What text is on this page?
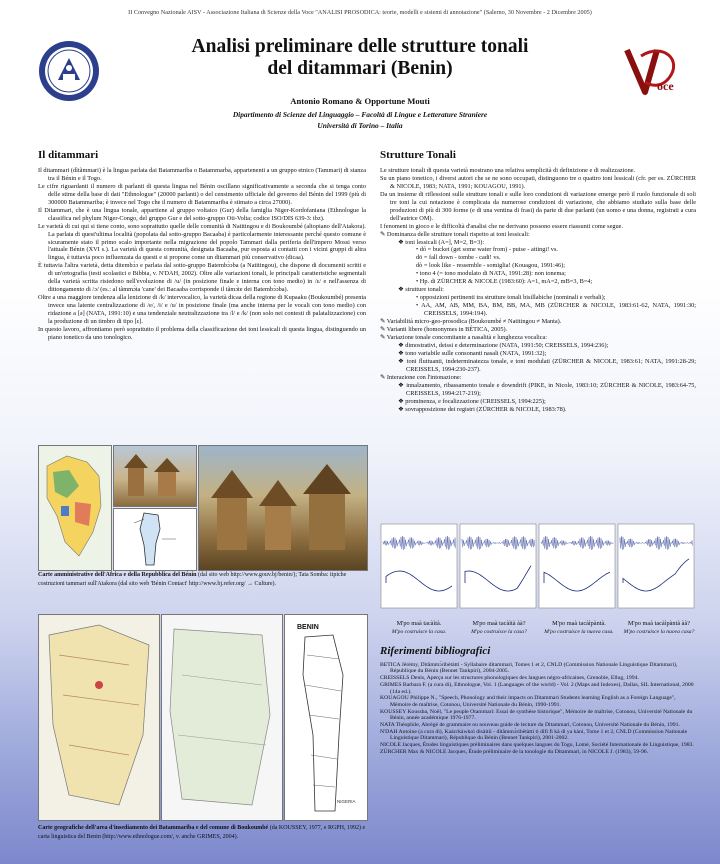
II Convegno Nazionale AISV - Associazione Italiana di Scienze della Voce "ANALISI PROSODICA: teorie, modelli e sistemi di annotazione" (Salerno, 30 Novembre - 2 Dicembre 2005)
oce
Analisi preliminare delle strutture tonali
del ditammari (Benin)
Antonio Romano & Opportune Mouti
Dipartimento di Scienze del Linguaggio – Facoltà di Lingue e Letterature Straniere
Università di Torino – Italia
Il ditammari

Il ditammari (dìtãmmari) è la lingua parlata dai Batammariba o Batammarba, appartenenti a un gruppo etnico (Tammari) di stanza tra il Bénin e il Togo.

Le cifre riguardanti il numero di parlanti di questa lingua nel Bénin oscillano significativamente a seconda che si tenga conto delle stime della base di dati "Ethnologue" (20000 parlanti) o del censimento ufficiale del governo del Bénin del 1999 (più di 300000 Batammariba; è invece nel Togo che il numero di Batammariba è stimato a circa 27000).

Il Ditammari, che è una lingua tonale, appartiene al gruppo voltaico (Gur) della famiglia Niger-Kordofaniana (Ethnologue la classifica nel phylum Niger-Congo, del gruppo Gur e del sotto-gruppo Oti-Volta; codice ISO/DIS 639-3: tbz).

Le varietà di cui qui si tiene conto, sono soprattutto quelle delle comunità di Natitingou e di Boukoumbé (altopiano dell'Atakora). La parlata di quest'ultima località (popolata dal sotto-gruppo Bacaaba) è particolarmente interessante perché questo comune è sicuramente stato il primo scalo importante nella migrazione del popolo Tammari dalla periferia dell'impero Mossi verso l'attuale Bénin (XVI s.). La varietà di questa comunità, designata Bacaaba, pur esposta ai contatti con i vicini gruppi di altra lingua, è tuttavia poco influenzata da questi e si propone come un ditammari più conservativo (dicaa).

È tuttavia l'altra varietà, detta ditembɔ̀ɔ e parlata dal sotto-gruppo Batembɔ̀ɔba (a Natitingou), che dispone di documenti scritti e di un'ortografia (testi scolastici e Bibbia, v. N'DAH, 2002). Oltre alle variazioni tonali, le principali caratteristiche segmentali della varietà scritta risiedono nell'evoluzione di /u/ (in posizione finale e interna con tono medio) in /ɛ/ e nell'assenza di dittongamento di /ɔ/ (es.: al tãmmɔ̀ta 'cane' dei Bacaaba corrisponde il tãmɔ̀te dei Batembɔ̀ɔba).

Oltre a una maggiore tendenza alla lenizione di /k/ intervocalico, la varietà dicaa della regione di Kupaaku (Boukoumbé) presenta invece una latente centralizzazione di /e/, /i/ e /u/ in posizione finale (ma anche interna per le vocali con tono medio) con ridazione a [ə] (NATA, 1991:10) e una tendenziale neutralizzazione tra /l/ e /k/ (non solo nei contesti di palatalizzazione) con la produzione di un timbro di tipo [ɛ].

In questo lavoro, affrontiamo però soprattutto il problema della classificazione dei toni lessicali di questa lingua, distinguendo un piano tonetico da uno tonologico.

Carte amministrative dell'Africa e della Repubblica del Bénin (dal sito web http://www.gouv.bj/benin/); Tata Somba: tipiche costruzioni tammari sull'Atakora (dal sito web 'Bénin Contact' http://www.bj.refer.org/ → Culture).
BENIN
NIGERIA
Carte geografiche dell'area d'insediamento dei Batammariba e del comune di Boukoumbé (da KOUSSEY, 1977, e RGPH, 1992) e carta linguistica del Benin (http://www.ethnologue.com/, v. anche GRIMES, 2004).
Strutture Tonali

Le strutture tonali di questa varietà mostrano una relativa semplicità di definizione e di realizzazione.

Su un piano tonetico, i diversi autori che se ne sono occupati, distinguono tre o quattro toni lessicali (cfr. per es. ZÜRCHER & NICOLE, 1983; NATA, 1991; KOUAGOU, 1991).

Da un insieme di riflessioni sulle strutture tonali e sulle loro condizioni di variazione emerge però il ruolo funzionale di soli tre toni la cui notazione è complicata da numerose condizioni di variazione, che abbiamo studiato sulla base delle produzioni di più di 300 forme (e di una ventina di frasi) da parte di due parlanti (un uomo e una donna, registrati a cura dell'autrice OM).

I fenomeni in gioco e le difficoltà d'analisi che ne derivano possono essere riassunti come segue.

✎ Dominanza delle strutture tonali rispetto ai toni lessicali:

❖ toni lessicali (A=], M=2, B=3):

• dó = bucket (get some water from) - puise - attingi! vs.

dō = fall down - tombe - cadi! vs.

dò = look like - ressemble - somiglia! (Kouagou, 1991:46);

• tono 4 (= tono modulato di NATA, 1991:28): non tonema;

• Hp. di ZÜRCHER & NICOLE (1983:60): A=1, mA=2, mB=3, B=4;

❖ strutture tonali:

• opposizioni pertinenti tra strutture tonali bisillabiche (nominali e verbali);

• AA, AM, AB, MM, BA, BM, BB, MA, MB (ZÜRCHER & NICOLE, 1983:61-62, NATA, 1991:30; CREISSELS, 1994:194).

✎ Variabilità micro-geo-prosodica (Boukoumbé ≠ Natitingou ≠ Manta).

✎ Varianti libere (homonymes in BÉTICA, 2005).

✎ Variazione tonale concomitante a nasalità e lunghezza vocalica:

❖ dimostrativi, deissi e determinazione (NATA, 1991:50; CREISSELS, 1994:236);

❖ tono variabile sulle consonanti nasali (NATA, 1991:32);

❖ toni fluttuanti, indeterminatezza tonale, e toni modulati (ZÜRCHER & NICOLE, 1983:61; NATA, 1991:28-29; CREISSELS, 1994:230-237).

✎ Interazione con l'intonazione:

❖ innalzamento, ribassamento tonale e downdrift (PIKE, in Nicole, 1983:10; ZÜRCHER & NICOLE, 1983:64-75, CREISSELS, 1994:217-219);

❖ prominenza, e focalizzazione (CREISSELS, 1994:225);

❖ sovrapposizione dei registri (ZÜRCHER & NICOLE, 1983:78).

M'po maà tacàìtà.
M'po costruisce la casa.
M'po maà tacàìtà àà?
M'po costruisce la casa?
M'po maà tacàìpàntà.
M'po costruisce la nuova casa.
M'po maà tacàìpàntà àà?
M'po costruisce la nuova casa?
Riferimenti bibliografici

BETICA Jérémy, Ditãmmɔ̀ribètàtti - Syllabaire ditammari, Tomes 1 et 2, CNLD (Commission Nationale Linguistique Ditammari), République du Bénin (Bennet Tankpiri), 2004-2005.

CREISSELS Denis, Aperçu sur les structures phonologiques des langues négro-africaines, Grenoble, Ellug, 1994.

GRIMES Barbara F. (a cura di), Ethnologue, Vol. 1 (Languages of the world) - Vol. 2 (Maps and Indexes), Dallas, SIL International, 2000 (14a ed.).

KOUAGOU Philippe N., "Speech, Phonology and their impacts on Ditammari Students learning English as a Foreign Language", Mémoire de maîtrise, Cotonou, Université Nationale du Bénin, 1990-1991.

KOUSSEY Koussba, Noël, "Le peuple Otammari: Essai de synthèse historique", Mémoire de maîtrise, Cotonou, Université Nationale du Bénin, année académique 1976-1977.

NATA Théophile, Abrégé de grammaire ou nouveau guide de lecture du Ditammari, Cotonou, Université Nationale du Bénin, 1991.

N'DAH Antoine (a cura di), Kaàcrkàwkoì disàitii - dìtãmmɔ̀ribètàtti ti dìfi fi kà di ya kàni, Tome 1 et 2, CNLD (Commission Nationale Linguistique Ditammari), République du Bénin (Bennet Tankpiri), 2001-2002.

NICOLE Jacques, Études linguistiques préliminaires dans quelques langues du Togo, Lomé, Société Internationale de Linguistique, 1983.

ZÜRCHER Max & NICOLE Jacques, Étude préliminaire de la tonologie du Ditammari, in NICOLE J. (1983), 59-96.
